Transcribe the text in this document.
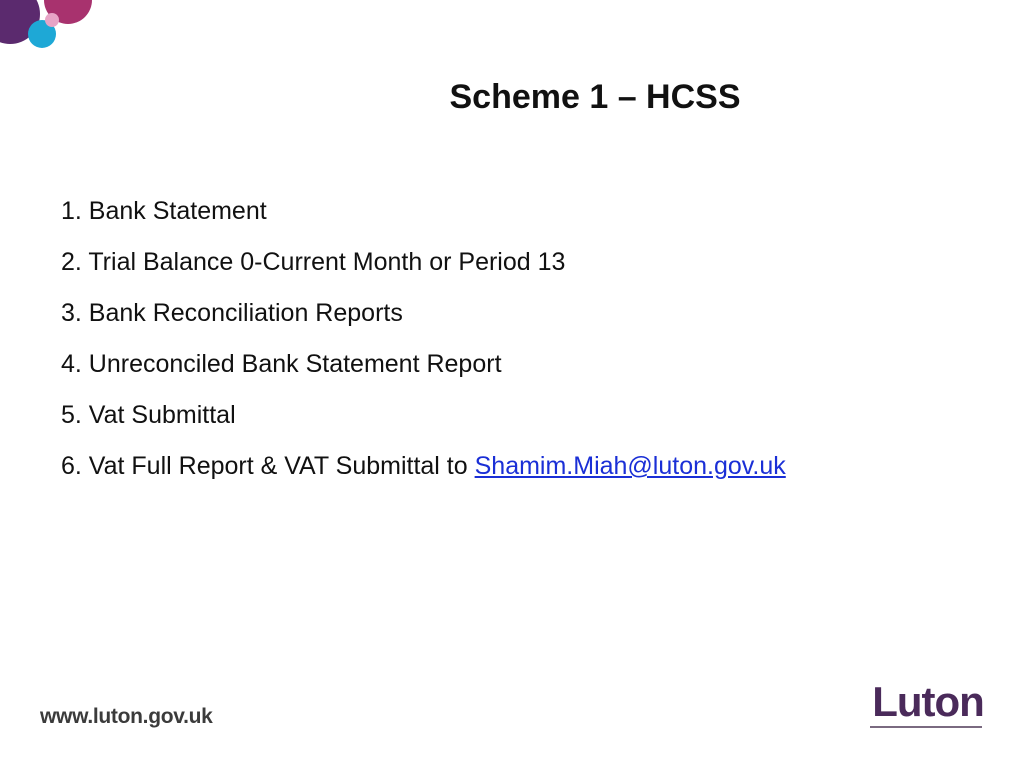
Scheme 1 – HCSS
1. Bank Statement
2. Trial Balance 0-Current Month or Period 13
3. Bank Reconciliation Reports
4. Unreconciled Bank Statement Report
5. Vat Submittal
6. Vat Full Report & VAT Submittal to Shamim.Miah@luton.gov.uk
www.luton.gov.uk	Luton
